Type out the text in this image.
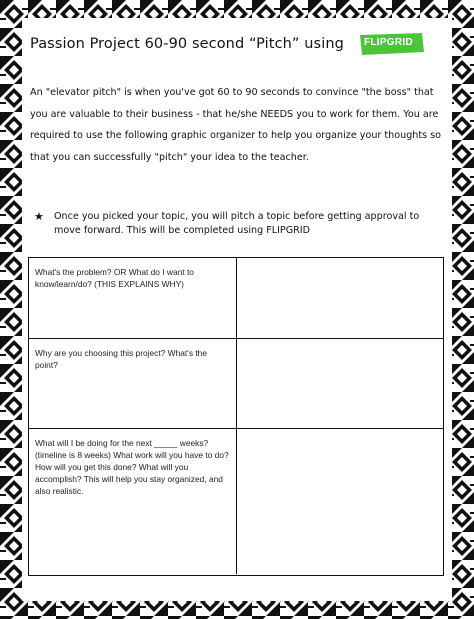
Passion Project 60-90 second “Pitch” using FLIPGRID
An "elevator pitch" is when you've got 60 to 90 seconds to convince "the boss" that you are valuable to their business - that he/she NEEDS you to work for them. You are required to use the following graphic organizer to help you organize your thoughts so that you can successfully "pitch" your idea to the teacher.
★	Once you picked your topic, you will pitch a topic before getting approval to move forward. This will be completed using FLIPGRID
What's the problem? OR What do I want to know/learn/do? (THIS EXPLAINS WHY)
Why are you choosing this project? What's the point?
What will I be doing for the next _____ weeks? (timeline is 8 weeks) What work will you have to do? How will you get this done? What will you accomplish? This will help you stay organized, and also realistic.
